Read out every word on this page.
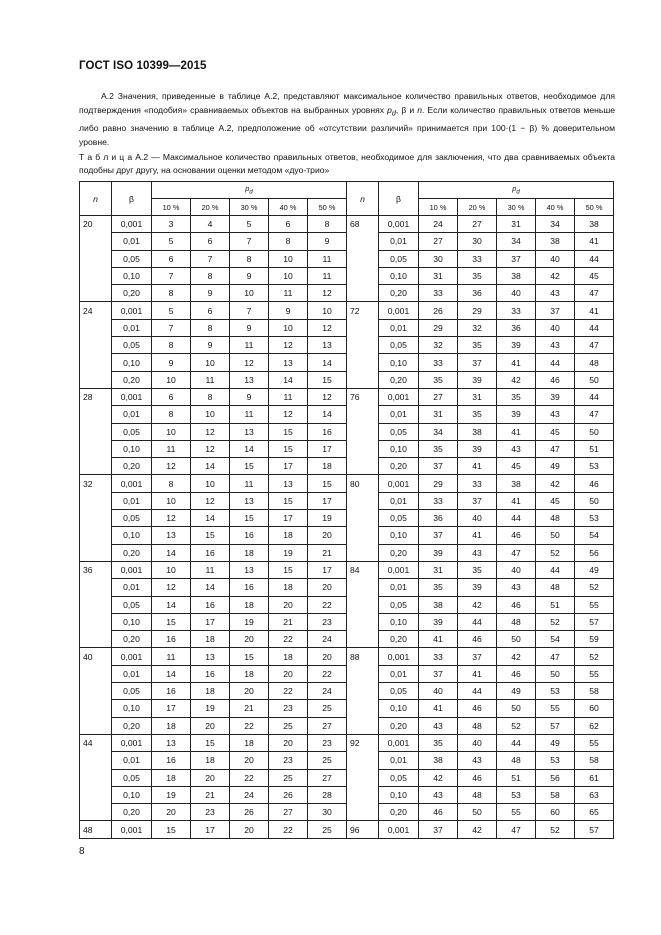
ГОСТ ISO 10399—2015

А.2 Значения, приведенные в таблице А.2, представляют максимальное количество правильных ответов, необходимое для подтверждения «подобия» сравниваемых объектов на выбранных уровнях $p_d$, β и n. Если количество правильных ответов меньше либо равно значению в таблице А.2, предположение об «отсутствии различий» принимается при 100·(1 − β) % доверительном уровне.

Т а б л и ц а А.2 — Максимальное количество правильных ответов, необходимое для заключения, что два сравниваемых объекта подобны друг другу, на основании оценки методом «дуо-трио»
n	β	$p_d$					n	β	$p_d$
		10 %	20 %	30 %	40 %	50 %			10 %	20 %	30 %	40 %	50 %
20	0,001	3	4	5	6	8	68	0,001	24	27	31	34	38
	0,01	5	6	7	8	9		0,01	27	30	34	38	41
	0,05	6	7	8	10	11		0,05	30	33	37	40	44
	0,10	7	8	9	10	11		0,10	31	35	38	42	45
	0,20	8	9	10	11	12		0,20	33	36	40	43	47
24	0,001	5	6	7	9	10	72	0,001	26	29	33	37	41
	0,01	7	8	9	10	12		0,01	29	32	36	40	44
	0,05	8	9	11	12	13		0,05	32	35	39	43	47
	0,10	9	10	12	13	14		0,10	33	37	41	44	48
	0,20	10	11	13	14	15		0,20	35	39	42	46	50
28	0,001	6	8	9	11	12	76	0,001	27	31	35	39	44
	0,01	8	10	11	12	14		0,01	31	35	39	43	47
	0,05	10	12	13	15	16		0,05	34	38	41	45	50
	0,10	11	12	14	15	17		0,10	35	39	43	47	51
	0,20	12	14	15	17	18		0,20	37	41	45	49	53
32	0,001	8	10	11	13	15	80	0,001	29	33	38	42	46
	0,01	10	12	13	15	17		0,01	33	37	41	45	50
	0,05	12	14	15	17	19		0,05	36	40	44	48	53
	0,10	13	15	16	18	20		0,10	37	41	46	50	54
	0,20	14	16	18	19	21		0,20	39	43	47	52	56
36	0,001	10	11	13	15	17	84	0,001	31	35	40	44	49
	0,01	12	14	16	18	20		0,01	35	39	43	48	52
	0,05	14	16	18	20	22		0,05	38	42	46	51	55
	0,10	15	17	19	21	23		0,10	39	44	48	52	57
	0,20	16	18	20	22	24		0,20	41	46	50	54	59
40	0,001	11	13	15	18	20	88	0,001	33	37	42	47	52
	0,01	14	16	18	20	22		0,01	37	41	46	50	55
	0,05	16	18	20	22	24		0,05	40	44	49	53	58
	0,10	17	19	21	23	25		0,10	41	46	50	55	60
	0,20	18	20	22	25	27		0,20	43	48	52	57	62
44	0,001	13	15	18	20	23	92	0,001	35	40	44	49	55
	0,01	16	18	20	23	25		0,01	38	43	48	53	58
	0,05	18	20	22	25	27		0,05	42	46	51	56	61
	0,10	19	21	24	26	28		0,10	43	48	53	58	63
	0,20	20	23	26	27	30		0,20	46	50	55	60	65
48	0,001	15	17	20	22	25	96	0,001	37	42	47	52	57
8
